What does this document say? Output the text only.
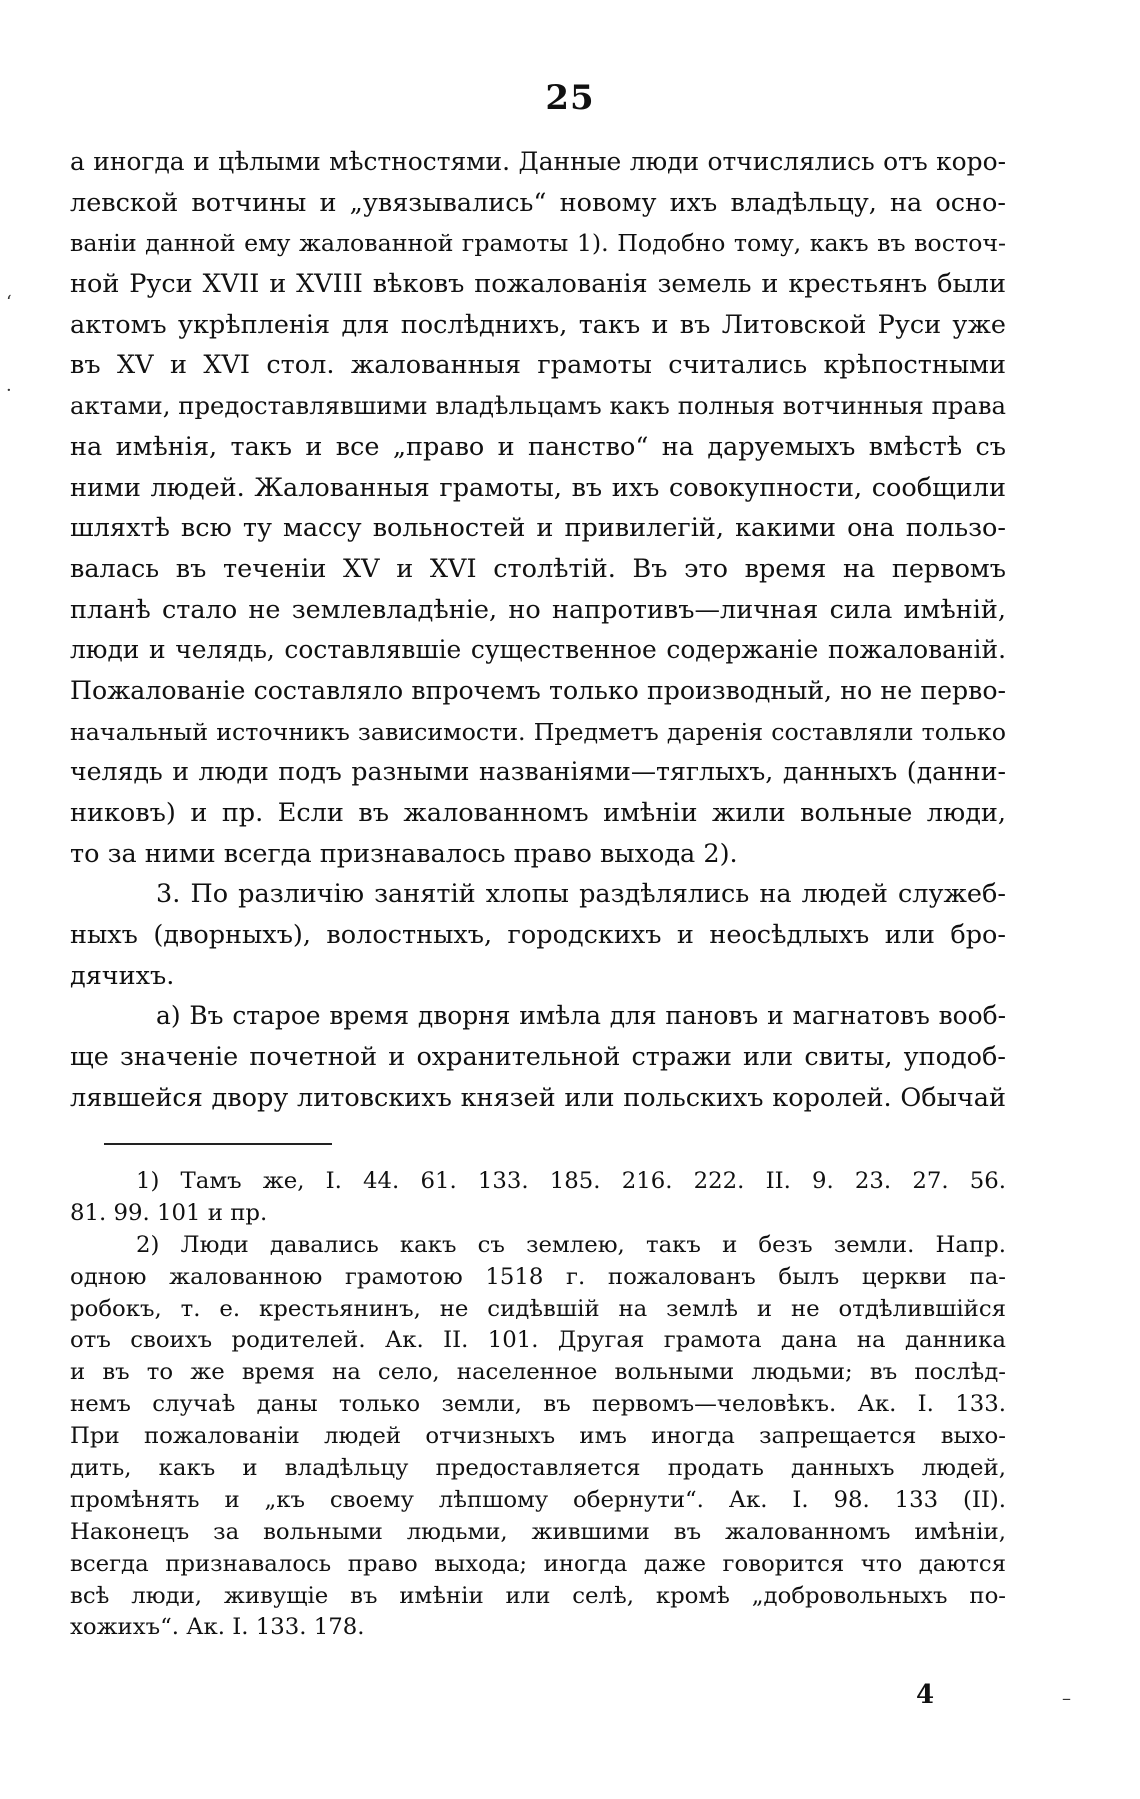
25
а иногда и цѣлыми мѣстностями. Данные люди отчислялись отъ коро-
левской вотчины и „увязывались“ новому ихъ владѣльцу, на осно-
ваніи данной ему жалованной грамоты 1). Подобно тому, какъ въ восточ-
ной Руси XVII и XVIII вѣковъ пожалованія земель и крестьянъ были
актомъ укрѣпленія для послѣднихъ, такъ и въ Литовской Руси уже
въ XV и XVI стол. жалованныя грамоты считались крѣпостными
актами, предоставлявшими владѣльцамъ какъ полныя вотчинныя права
на имѣнія, такъ и все „право и панство“ на даруемыхъ вмѣстѣ съ
ними людей. Жалованныя грамоты, въ ихъ совокупности, сообщили
шляхтѣ всю ту массу вольностей и привилегій, какими она пользо-
валась въ теченіи XV и XVI столѣтій. Въ это время на первомъ
планѣ стало не землевладѣніе, но напротивъ—личная сила имѣній,
люди и челядь, составлявшіе существенное содержаніе пожалованій.
Пожалованіе составляло впрочемъ только производный, но не перво-
начальный источникъ зависимости. Предметъ даренія составляли только
челядь и люди подъ разными названіями—тяглыхъ, данныхъ (данни-
никовъ) и пр. Если въ жалованномъ имѣніи жили вольные люди,
то за ними всегда признавалось право выхода 2).
3. По различію занятій хлопы раздѣлялись на людей служеб-
ныхъ (дворныхъ), волостныхъ, городскихъ и неосѣдлыхъ или бро-
дячихъ.
а) Въ старое время дворня имѣла для пановъ и магнатовъ вооб-
ще значеніе почетной и охранительной стражи или свиты, уподоб-
лявшейся двору литовскихъ князей или польскихъ королей. Обычай
1) Тамъ же, I. 44. 61. 133. 185. 216. 222. II. 9. 23. 27. 56.
81. 99. 101 и пр.
2) Люди давались какъ съ землею, такъ и безъ земли. Напр.
одною жалованною грамотою 1518 г. пожалованъ былъ церкви па-
робокъ, т. е. крестьянинъ, не сидѣвшій на землѣ и не отдѣлившійся
отъ своихъ родителей. Ак. II. 101. Другая грамота дана на данника
и въ то же время на село, населенное вольными людьми; въ послѣд-
немъ случаѣ даны только земли, въ первомъ—человѣкъ. Ак. I. 133.
При пожалованіи людей отчизныхъ имъ иногда запрещается выхо-
дить, какъ и владѣльцу предоставляется продать данныхъ людей,
промѣнять и „къ своему лѣпшому обернути“. Ак. I. 98. 133 (II).
Наконецъ за вольными людьми, жившими въ жалованномъ имѣніи,
всегда признавалось право выхода; иногда даже говорится что даются
всѣ люди, живущіе въ имѣніи или селѣ, кромѣ „добровольныхъ по-
хожихъ“. Ак. I. 133. 178.
4
ʻ
·
–
